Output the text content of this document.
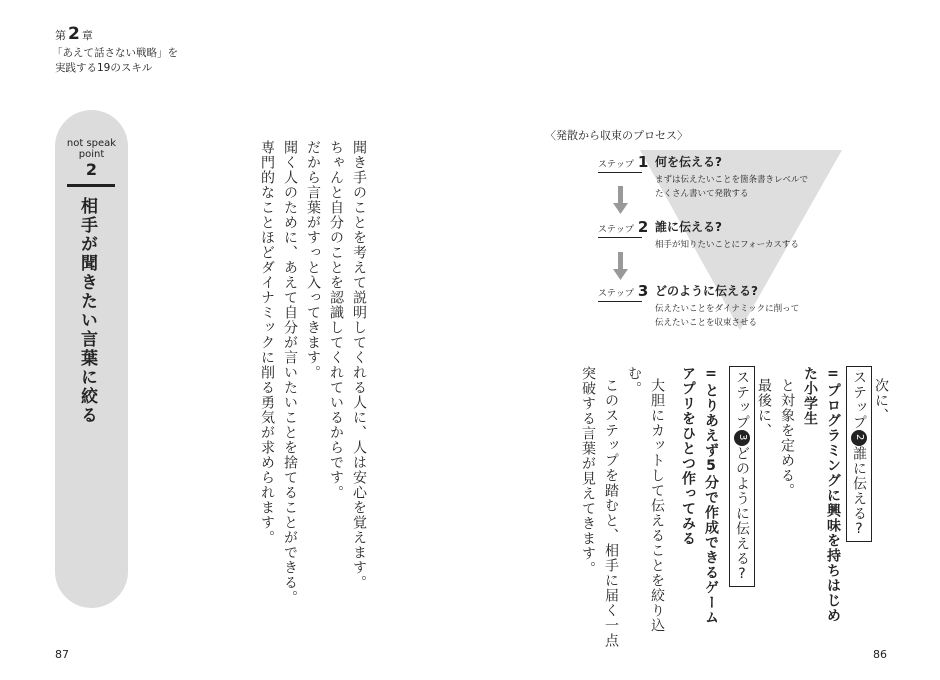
第 2 章
「あえて話さない戦略」を
実践する19のスキル
not speak
point
2
相手が聞きたい言葉に絞る	聞き手のことを考えて説明してくれる人に、人は安心を覚えます。
ちゃんと自分のことを認識してくれているからです。
だから言葉がすっと入ってきます。
聞く人のために、あえて自分が言いたいことを捨てることができる。
専門的なことほどダイナミックに削る勇気が求められます。
〈発散から収束のプロセス〉
ステップ 1 何を伝える?
まずは伝えたいことを箇条書きレベルで
たくさん書いて発散する
ステップ 2 誰に伝える?
相手が知りたいことにフォーカスする
ステップ 3 どのように伝える?
伝えたいことをダイナミックに削って
伝えたいことを収束させる
次に、
ステップ2誰に伝える?
=プログラミングに興味を持ちはじめ
た小学生
と対象を定める。
最後に、
ステップ3どのように伝える?
=とりあえず5分で作成できるゲーム
アプリをひとつ作ってみる
大胆にカットして伝えることを絞り込
む。
このステップを踏むと、相手に届く一点
突破する言葉が見えてきます。
87	86
